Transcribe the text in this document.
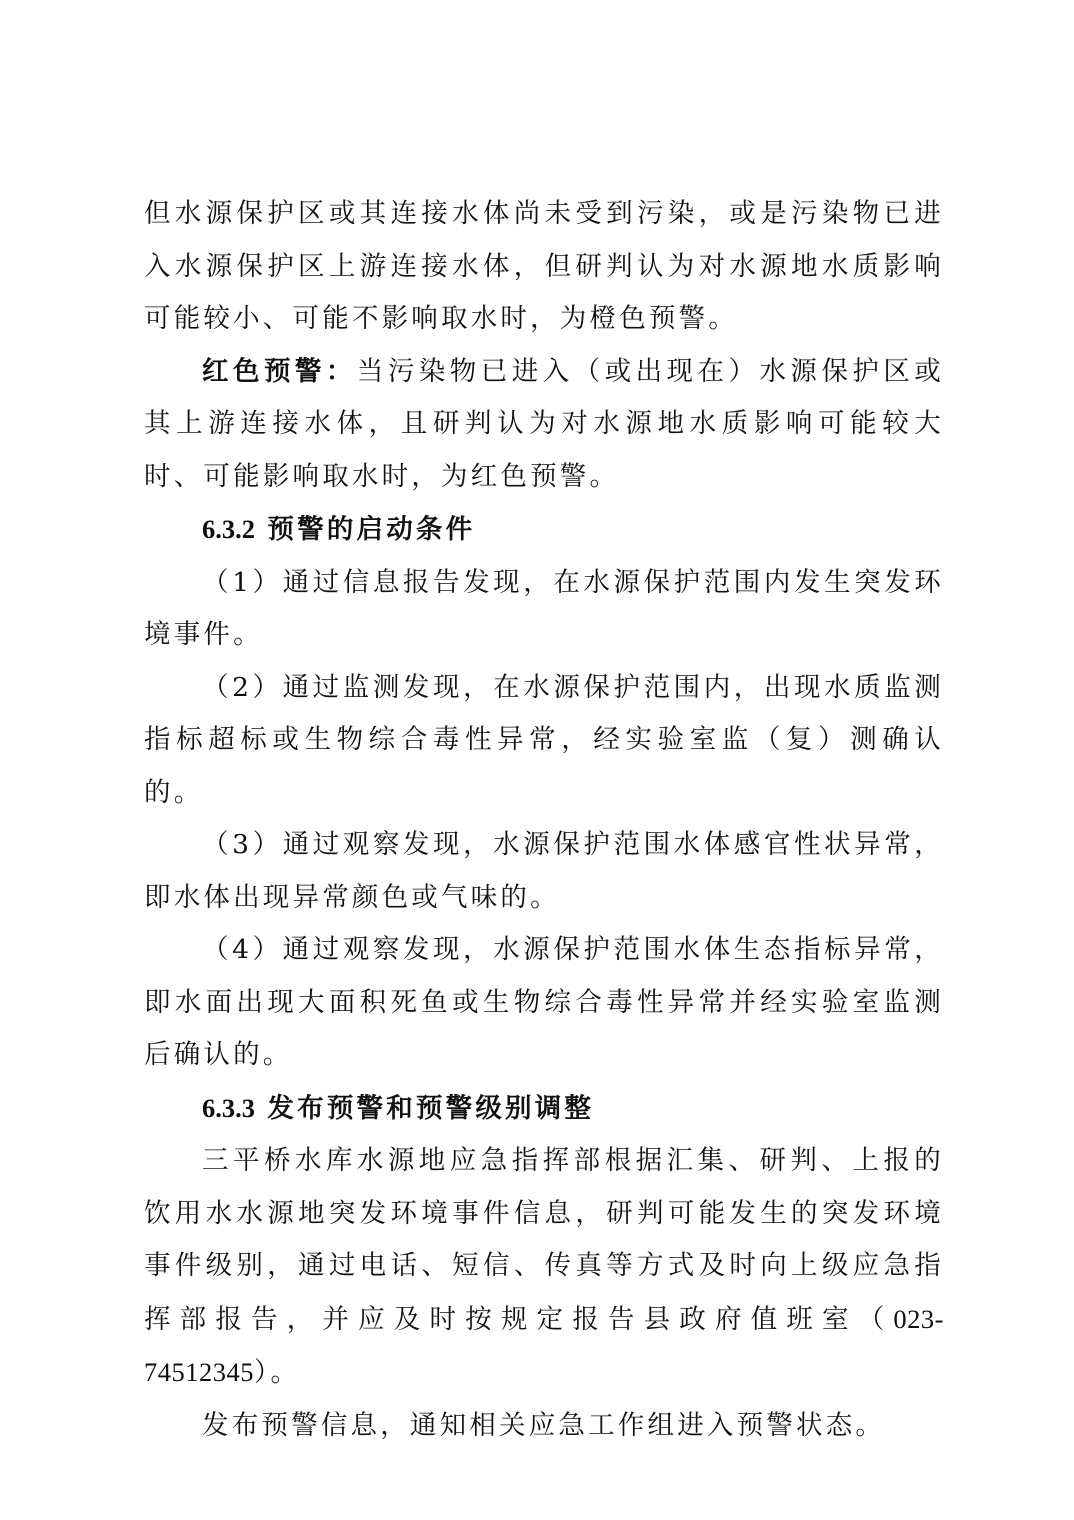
但水源保护区或其连接水体尚未受到污染，或是污染物已进入水源保护区上游连接水体，但研判认为对水源地水质影响可能较小、可能不影响取水时，为橙色预警。

红色预警：当污染物已进入（或出现在）水源保护区或其上游连接水体，且研判认为对水源地水质影响可能较大时、可能影响取水时，为红色预警。

6.3.2 预警的启动条件

（1）通过信息报告发现，在水源保护范围内发生突发环境事件。

（2）通过监测发现，在水源保护范围内，出现水质监测指标超标或生物综合毒性异常，经实验室监（复）测确认的。

（3）通过观察发现，水源保护范围水体感官性状异常，即水体出现异常颜色或气味的。

（4）通过观察发现，水源保护范围水体生态指标异常，即水面出现大面积死鱼或生物综合毒性异常并经实验室监测后确认的。

6.3.3 发布预警和预警级别调整

三平桥水库水源地应急指挥部根据汇集、研判、上报的饮用水水源地突发环境事件信息，研判可能发生的突发环境事件级别，通过电话、短信、传真等方式及时向上级应急指挥部报告，并应及时按规定报告县政府值班室（023-74512345）。

发布预警信息，通知相关应急工作组进入预警状态。
